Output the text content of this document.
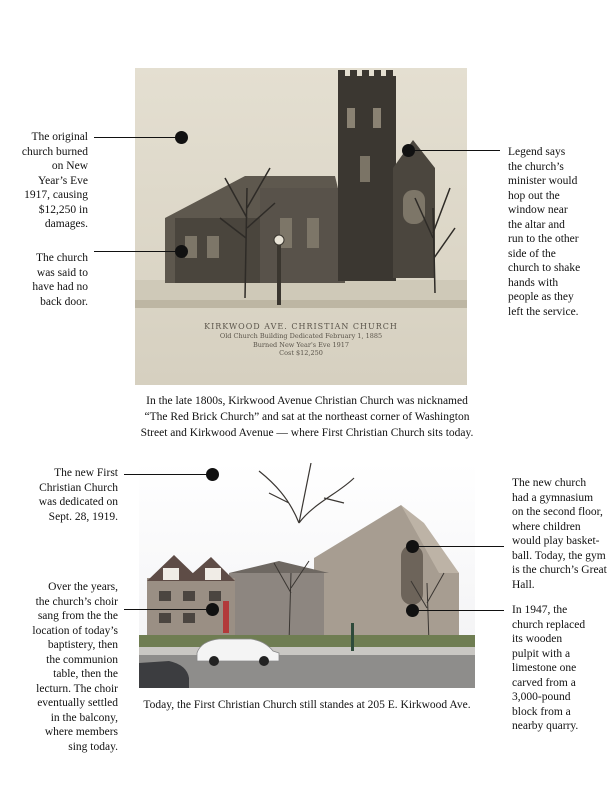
KIRKWOOD AVE. CHRISTIAN CHURCH
Old Church Building Dedicated February 1, 1885
Burned New Year's Eve 1917
Cost $12,250
The original
church burned
on New
Year’s Eve
1917, causing
$12,250 in
damages.
The church
was said to
have had no
back door.
Legend says
the church’s
minister would
hop out the
window near
the altar and
run to the other
side of the
church to shake
hands with
people as they
left the service.
In the late 1800s, Kirkwood Avenue Christian Church was nicknamed
“The Red Brick Church” and sat at the northeast corner of Washington
Street and Kirkwood Avenue — where First Christian Church sits today.
The new First
Christian Church
was dedicated on
Sept. 28, 1919.
Over the years,
the church’s choir
sang from the the
location of today’s
baptistery, then
the communion
table, then the
lecturn. The choir
eventually settled
in the balcony,
where members
sing today.
The new church
had a gymnasium
on the second floor,
where children
would play basket-
ball. Today, the gym
is the church’s Great
Hall.
In 1947, the
church replaced
its wooden
pulpit with a
limestone one
carved from a
3,000-pound
block from a
nearby quarry.
Today, the First Christian Church still standes at 205 E. Kirkwood Ave.
